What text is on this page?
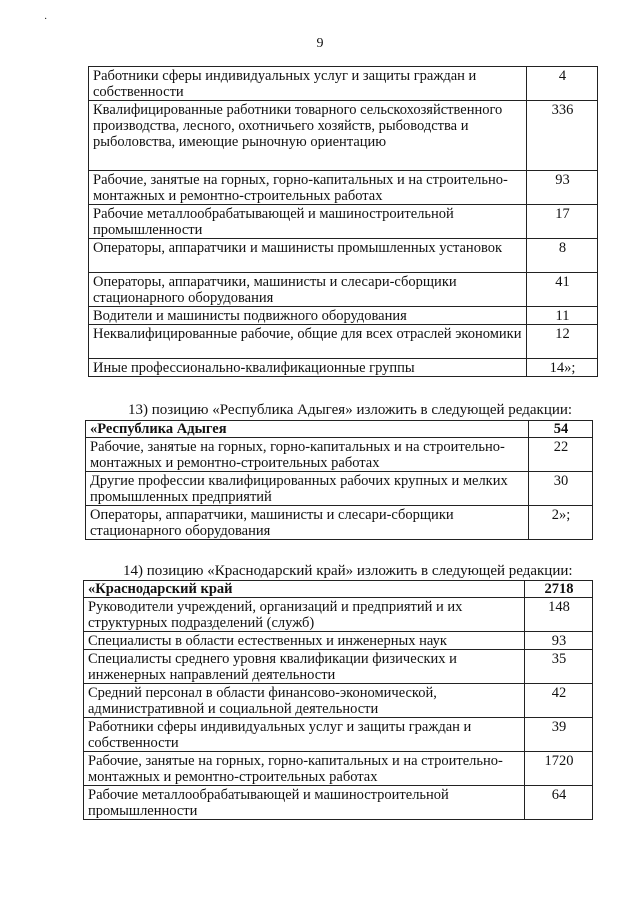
·
9
Работники сферы индивидуальных услуг и защиты граждан и собственности	4
Квалифицированные работники товарного сельскохозяйственного производства, лесного, охотничьего хозяйств, рыбоводства и рыболовства, имеющие рыночную ориентацию	336
Рабочие, занятые на горных, горно-капитальных и на строительно-монтажных и ремонтно-строительных работах	93
Рабочие металлообрабатывающей и машиностроительной промышленности	17
Операторы, аппаратчики и машинисты промышленных установок	8
Операторы, аппаратчики, машинисты и слесари-сборщики стационарного оборудования	41
Водители и машинисты подвижного оборудования	11
Неквалифицированные рабочие, общие для всех отраслей экономики	12
Иные профессионально-квалификационные группы	14»;
13) позицию «Республика Адыгея» изложить в следующей редакции:
«Республика Адыгея	54
Рабочие, занятые на горных, горно-капитальных и на строительно-монтажных и ремонтно-строительных работах	22
Другие профессии квалифицированных рабочих крупных и мелких промышленных предприятий	30
Операторы, аппаратчики, машинисты и слесари-сборщики стационарного оборудования	2»;
14) позицию «Краснодарский край» изложить в следующей редакции:
«Краснодарский край	2718
Руководители учреждений, организаций и предприятий и их структурных подразделений (служб)	148
Специалисты в области естественных и инженерных наук	93
Специалисты среднего уровня квалификации физических и инженерных направлений деятельности	35
Средний персонал в области финансово-экономической, административной и социальной деятельности	42
Работники сферы индивидуальных услуг и защиты граждан и собственности	39
Рабочие, занятые на горных, горно-капитальных и на строительно-монтажных и ремонтно-строительных работах	1720
Рабочие металлообрабатывающей и машиностроительной промышленности	64
